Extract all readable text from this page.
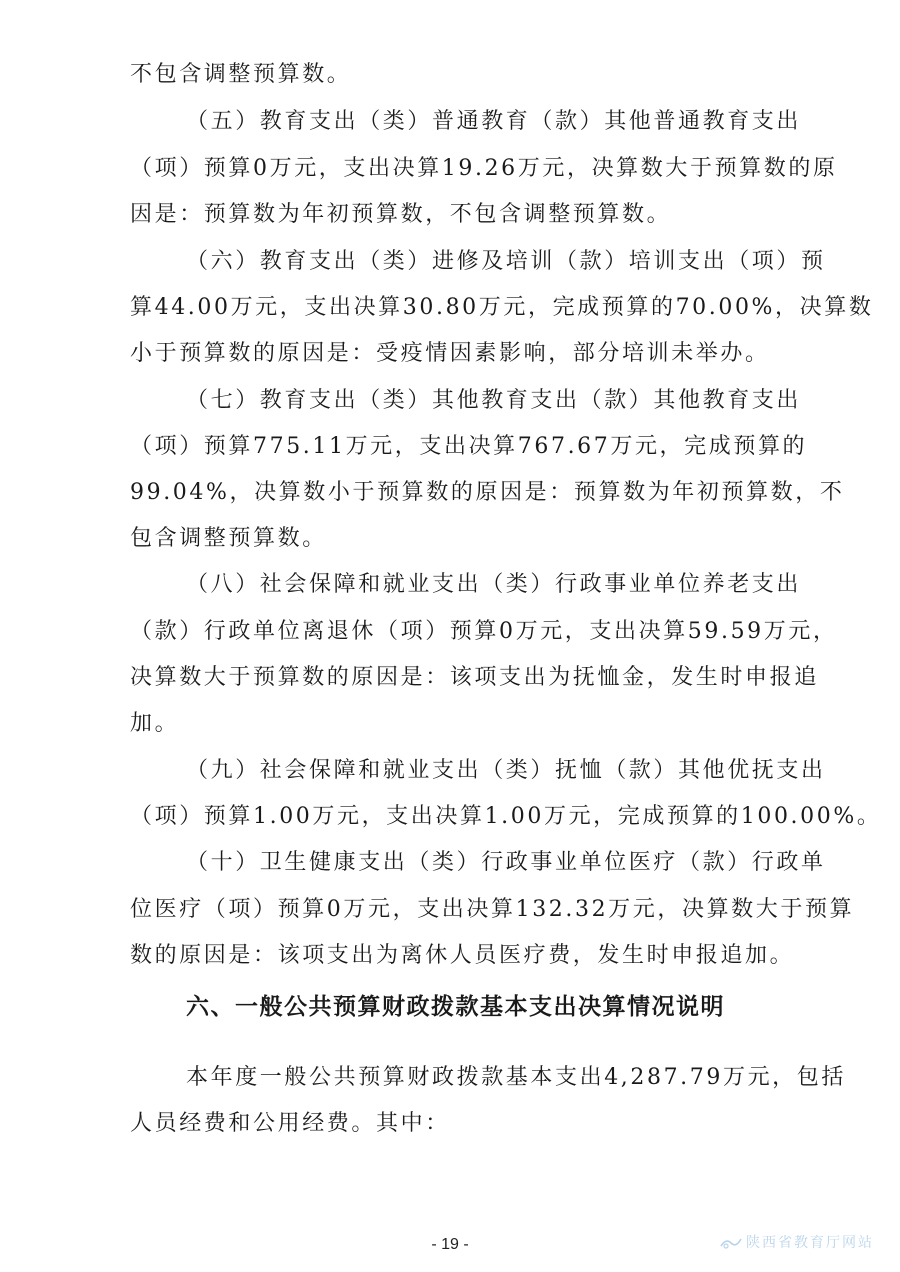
不包含调整预算数。
（五）教育支出（类）普通教育（款）其他普通教育支出
（项）预算0万元，支出决算19.26万元，决算数大于预算数的原
因是：预算数为年初预算数，不包含调整预算数。
（六）教育支出（类）进修及培训（款）培训支出（项）预
算44.00万元，支出决算30.80万元，完成预算的70.00%，决算数
小于预算数的原因是：受疫情因素影响，部分培训未举办。
（七）教育支出（类）其他教育支出（款）其他教育支出
（项）预算775.11万元，支出决算767.67万元，完成预算的
99.04%，决算数小于预算数的原因是：预算数为年初预算数，不
包含调整预算数。
（八）社会保障和就业支出（类）行政事业单位养老支出
（款）行政单位离退休（项）预算0万元，支出决算59.59万元，
决算数大于预算数的原因是：该项支出为抚恤金，发生时申报追
加。
（九）社会保障和就业支出（类）抚恤（款）其他优抚支出
（项）预算1.00万元，支出决算1.00万元，完成预算的100.00%。
（十）卫生健康支出（类）行政事业单位医疗（款）行政单
位医疗（项）预算0万元，支出决算132.32万元，决算数大于预算
数的原因是：该项支出为离休人员医疗费，发生时申报追加。
六、一般公共预算财政拨款基本支出决算情况说明
本年度一般公共预算财政拨款基本支出4,287.79万元，包括
人员经费和公用经费。其中：
- 19 -	陕西省教育厅网站
